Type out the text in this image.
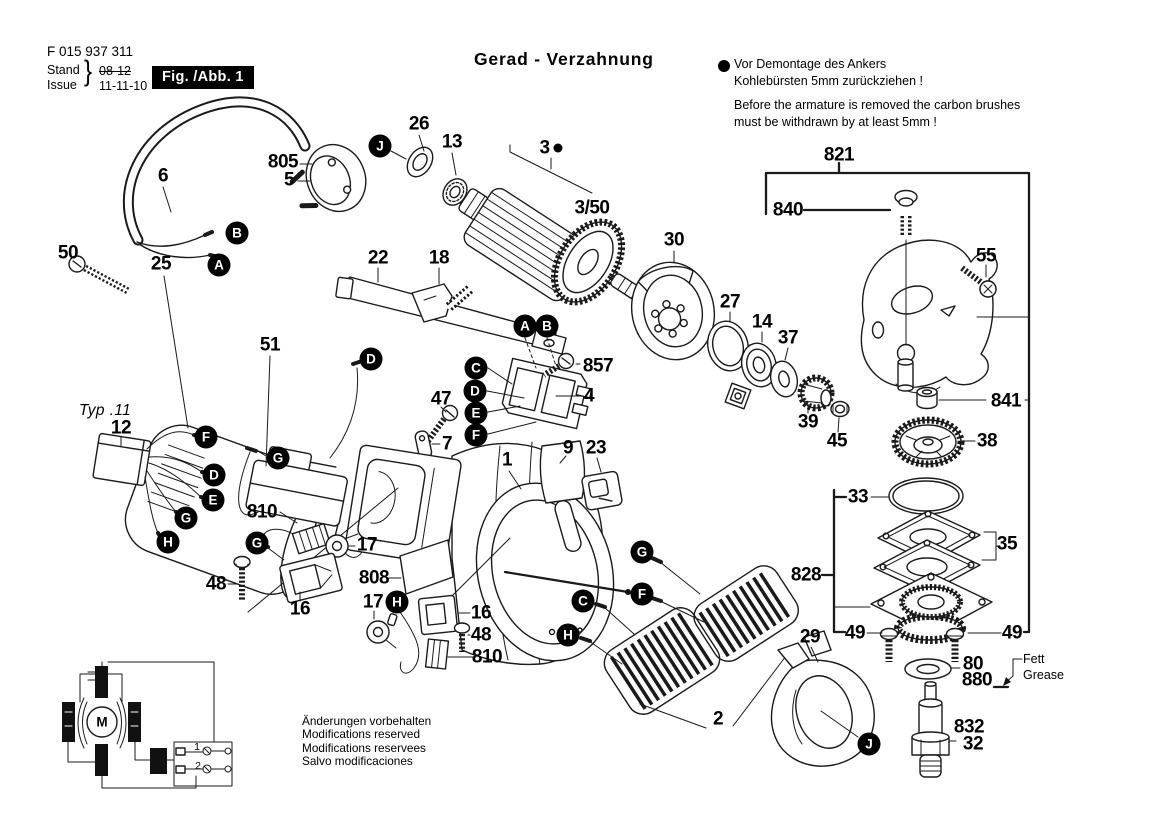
F 015 937 311
Stand
Issue } 08-12
11-11-10
Fig. /Abb. 1
Gerad - Verzahnung	Vor Demontage des Ankers
Kohlebürsten 5mm zurückziehen !
Before the armature is removed the carbon brushes
must be withdrawn by at least 5mm !
Typ .11
Fett
Grease
Änderungen vorbehalten
Modifications reserved
Modifications reservees
Salvo modificaciones
M
1
2
50
25
6
805
5
26
13	3
3/50
22 18
30
27
14
37
39
45
821
840
55
841
38
33
35
828
49	49
29
80
880
832
32
857
4
47
7
1
9 23
51
12
810
17
48
16
808
17
16
48
810
2
B
A
J
A B
C
D
E
F
D
G
F
D
E
G
H	G
H
G
F
C
H
J
